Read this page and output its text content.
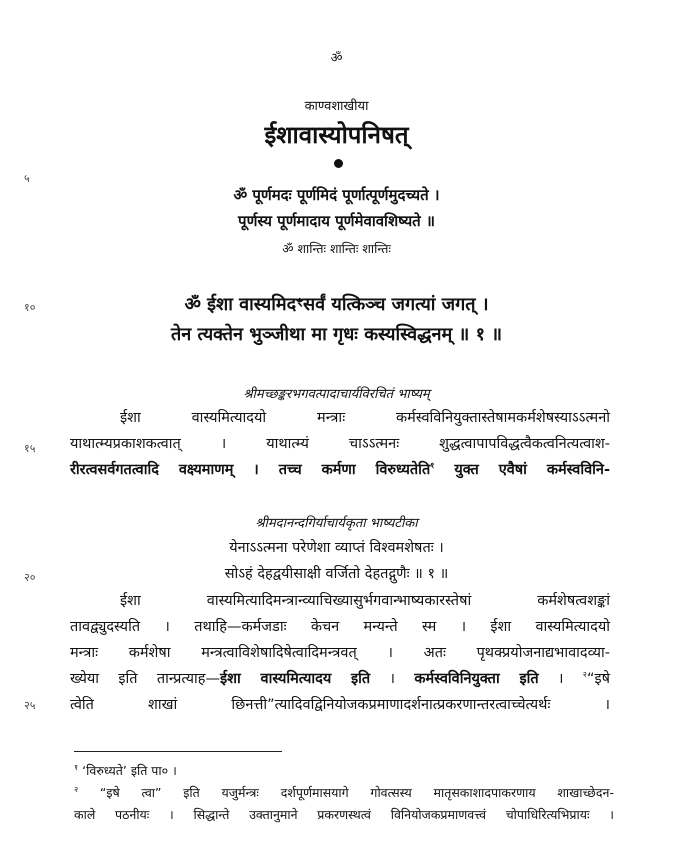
ॐ
काण्वशाखीया
ईशावास्योपनिषत्
५
१०
१५
२०
२५
ॐ पूर्णमदः पूर्णमिदं पूर्णात्पूर्णमुदच्यते ।
पूर्णस्य पूर्णमादाय पूर्णमेवावशिष्यते ॥
ॐ शान्तिः शान्तिः शान्तिः
ॐ ईशा वास्यमिदꣳसर्वं यत्किञ्च जगत्यां जगत् ।
तेन त्यक्तेन भुञ्जीथा मा गृधः कस्यस्विद्धनम् ॥ १ ॥
श्रीमच्छङ्करभगवत्पादाचार्यविरचितं भाष्यम्
ईशा वास्यमित्यादयो मन्त्राः कर्मस्वविनियुक्तास्तेषामकर्मशेषस्याऽऽत्मनो
याथात्म्यप्रकाशकत्वात् । याथात्म्यं चाऽऽत्मनः शुद्धत्वापापविद्धत्वैकत्वनित्यत्वाश-
रीरत्वसर्वगतत्वादि वक्ष्यमाणम् । तच्च कर्मणा विरुध्यतेति$^१$ युक्त एवैषां कर्मस्वविनि-
श्रीमदानन्दगिर्याचार्यकृता भाष्यटीका
येनाऽऽत्मना परेणेशा व्याप्तं विश्वमशेषतः ।
सोऽहं देहद्वयीसाक्षी वर्जितो देहतद्गुणैः ॥ १ ॥
ईशा वास्यमित्यादिमन्त्रान्व्याचिख्यासुर्भगवान्भाष्यकारस्तेषां कर्मशेषत्वशङ्कां
तावद्व्युदस्यति । तथाहि—कर्मजडाः केचन मन्यन्ते स्म । ईशा वास्यमित्यादयो
मन्त्राः कर्मशेषा मन्त्रत्वाविशेषादिषेत्वादिमन्त्रवत् । अतः पृथक्प्रयोजनाद्यभावादव्या-
ख्येया इति तान्प्रत्याह—ईशा वास्यमित्यादय इति । कर्मस्वविनियुक्ता इति । $^२$“इषे
त्वेति शाखां छिनत्ती”त्यादिवद्विनियोजकप्रमाणादर्शनात्प्रकरणान्तरत्वाच्चेत्यर्थः ।
$^१$ ‘विरुध्यते’ इति पा० ।
$^२$ “इषे त्वा” इति यजुर्मन्त्रः दर्शपूर्णमासयागे गोवत्सस्य मातृसकाशादपाकरणाय शाखाच्छेदन-
काले पठनीयः । सिद्धान्ते उक्तानुमाने प्रकरणस्थत्वं विनियोजकप्रमाणवत्त्वं चोपाधिरित्यभिप्रायः ।
